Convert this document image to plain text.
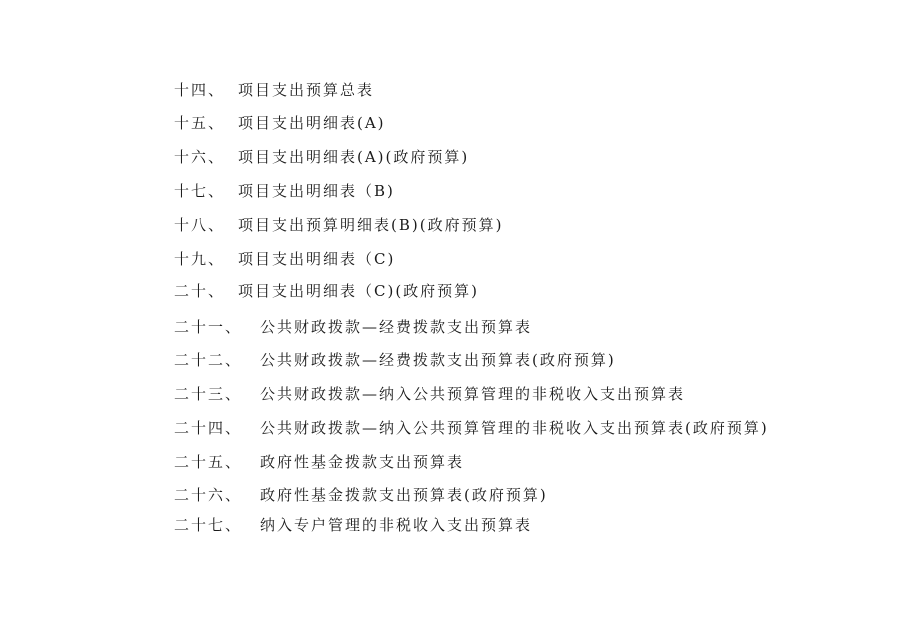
十四、 项目支出预算总表
十五、 项目支出明细表(A)
十六、 项目支出明细表(A)(政府预算)
十七、 项目支出明细表（B)
十八、 项目支出预算明细表(B)(政府预算)
十九、 项目支出明细表（C)
二十、 项目支出明细表（C)(政府预算)
二十一、 公共财政拨款—经费拨款支出预算表
二十二、 公共财政拨款—经费拨款支出预算表(政府预算)
二十三、 公共财政拨款—纳入公共预算管理的非税收入支出预算表
二十四、 公共财政拨款—纳入公共预算管理的非税收入支出预算表(政府预算)
二十五、 政府性基金拨款支出预算表
二十六、 政府性基金拨款支出预算表(政府预算)
二十七、 纳入专户管理的非税收入支出预算表
